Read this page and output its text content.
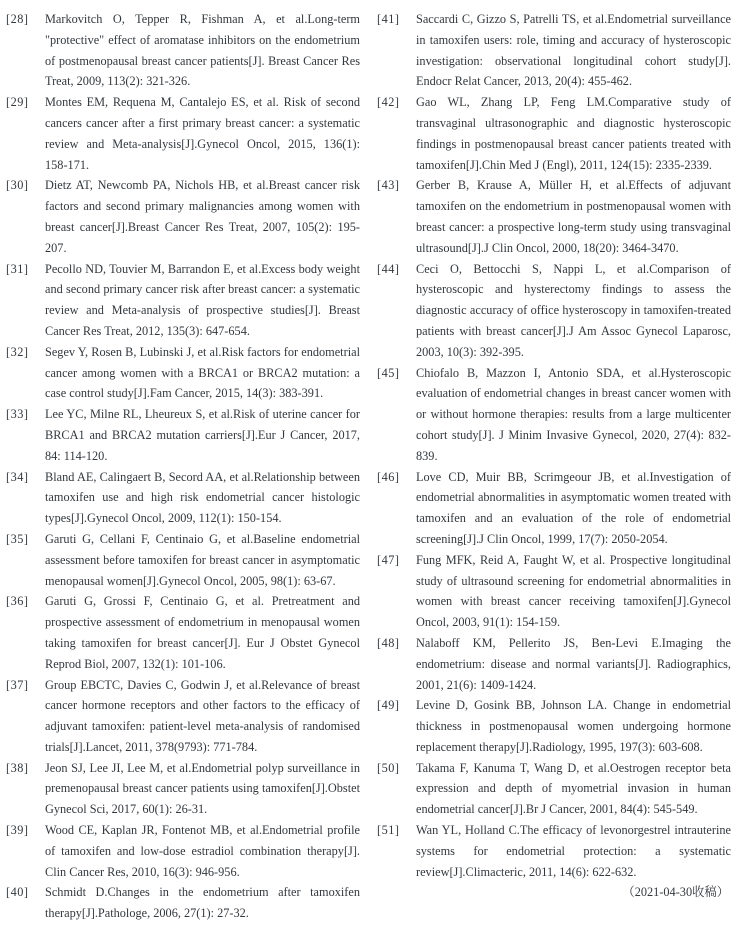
[28]	Markovitch O, Tepper R, Fishman A, et al.Long-term "protective" effect of aromatase inhibitors on the endometrium of postmenopausal breast cancer patients[J]. Breast Cancer Res Treat, 2009, 113(2): 321-326.
[29]	Montes EM, Requena M, Cantalejo ES, et al. Risk of second cancers cancer after a first primary breast cancer: a systematic review and Meta-analysis[J].Gynecol Oncol, 2015, 136(1): 158-171.
[30]	Dietz AT, Newcomb PA, Nichols HB, et al.Breast cancer risk factors and second primary malignancies among women with breast cancer[J].Breast Cancer Res Treat, 2007, 105(2): 195-207.
[31]	Pecollo ND, Touvier M, Barrandon E, et al.Excess body weight and second primary cancer risk after breast cancer: a systematic review and Meta-analysis of prospective studies[J]. Breast Cancer Res Treat, 2012, 135(3): 647-654.
[32]	Segev Y, Rosen B, Lubinski J, et al.Risk factors for endometrial cancer among women with a BRCA1 or BRCA2 mutation: a case control study[J].Fam Cancer, 2015, 14(3): 383-391.
[33]	Lee YC, Milne RL, Lheureux S, et al.Risk of uterine cancer for BRCA1 and BRCA2 mutation carriers[J].Eur J Cancer, 2017, 84: 114-120.
[34]	Bland AE, Calingaert B, Secord AA, et al.Relationship between tamoxifen use and high risk endometrial cancer histologic types[J].Gynecol Oncol, 2009, 112(1): 150-154.
[35]	Garuti G, Cellani F, Centinaio G, et al.Baseline endometrial assessment before tamoxifen for breast cancer in asymptomatic menopausal women[J].Gynecol Oncol, 2005, 98(1): 63-67.
[36]	Garuti G, Grossi F, Centinaio G, et al. Pretreatment and prospective assessment of endometrium in menopausal women taking tamoxifen for breast cancer[J]. Eur J Obstet Gynecol Reprod Biol, 2007, 132(1): 101-106.
[37]	Group EBCTC, Davies C, Godwin J, et al.Relevance of breast cancer hormone receptors and other factors to the efficacy of adjuvant tamoxifen: patient-level meta-analysis of randomised trials[J].Lancet, 2011, 378(9793): 771-784.
[38]	Jeon SJ, Lee JI, Lee M, et al.Endometrial polyp surveillance in premenopausal breast cancer patients using tamoxifen[J].Obstet Gynecol Sci, 2017, 60(1): 26-31.
[39]	Wood CE, Kaplan JR, Fontenot MB, et al.Endometrial profile of tamoxifen and low-dose estradiol combination therapy[J]. Clin Cancer Res, 2010, 16(3): 946-956.
[40]	Schmidt D.Changes in the endometrium after tamoxifen therapy[J].Pathologe, 2006, 27(1): 27-32.
[41]	Saccardi C, Gizzo S, Patrelli TS, et al.Endometrial surveillance in tamoxifen users: role, timing and accuracy of hysteroscopic investigation: observational longitudinal cohort study[J]. Endocr Relat Cancer, 2013, 20(4): 455-462.
[42]	Gao WL, Zhang LP, Feng LM.Comparative study of transvaginal ultrasonographic and diagnostic hysteroscopic findings in postmenopausal breast cancer patients treated with tamoxifen[J].Chin Med J (Engl), 2011, 124(15): 2335-2339.
[43]	Gerber B, Krause A, Müller H, et al.Effects of adjuvant tamoxifen on the endometrium in postmenopausal women with breast cancer: a prospective long-term study using transvaginal ultrasound[J].J Clin Oncol, 2000, 18(20): 3464-3470.
[44]	Ceci O, Bettocchi S, Nappi L, et al.Comparison of hysteroscopic and hysterectomy findings to assess the diagnostic accuracy of office hysteroscopy in tamoxifen-treated patients with breast cancer[J].J Am Assoc Gynecol Laparosc, 2003, 10(3): 392-395.
[45]	Chiofalo B, Mazzon I, Antonio SDA, et al.Hysteroscopic evaluation of endometrial changes in breast cancer women with or without hormone therapies: results from a large multicenter cohort study[J]. J Minim Invasive Gynecol, 2020, 27(4): 832-839.
[46]	Love CD, Muir BB, Scrimgeour JB, et al.Investigation of endometrial abnormalities in asymptomatic women treated with tamoxifen and an evaluation of the role of endometrial screening[J].J Clin Oncol, 1999, 17(7): 2050-2054.
[47]	Fung MFK, Reid A, Faught W, et al. Prospective longitudinal study of ultrasound screening for endometrial abnormalities in women with breast cancer receiving tamoxifen[J].Gynecol Oncol, 2003, 91(1): 154-159.
[48]	Nalaboff KM, Pellerito JS, Ben-Levi E.Imaging the endometrium: disease and normal variants[J]. Radiographics, 2001, 21(6): 1409-1424.
[49]	Levine D, Gosink BB, Johnson LA. Change in endometrial thickness in postmenopausal women undergoing hormone replacement therapy[J].Radiology, 1995, 197(3): 603-608.
[50]	Takama F, Kanuma T, Wang D, et al.Oestrogen receptor beta expression and depth of myometrial invasion in human endometrial cancer[J].Br J Cancer, 2001, 84(4): 545-549.
[51]	Wan YL, Holland C.The efficacy of levonorgestrel intrauterine systems for endometrial protection: a systematic review[J].Climacteric, 2011, 14(6): 622-632.
（2021-04-30收稿）
